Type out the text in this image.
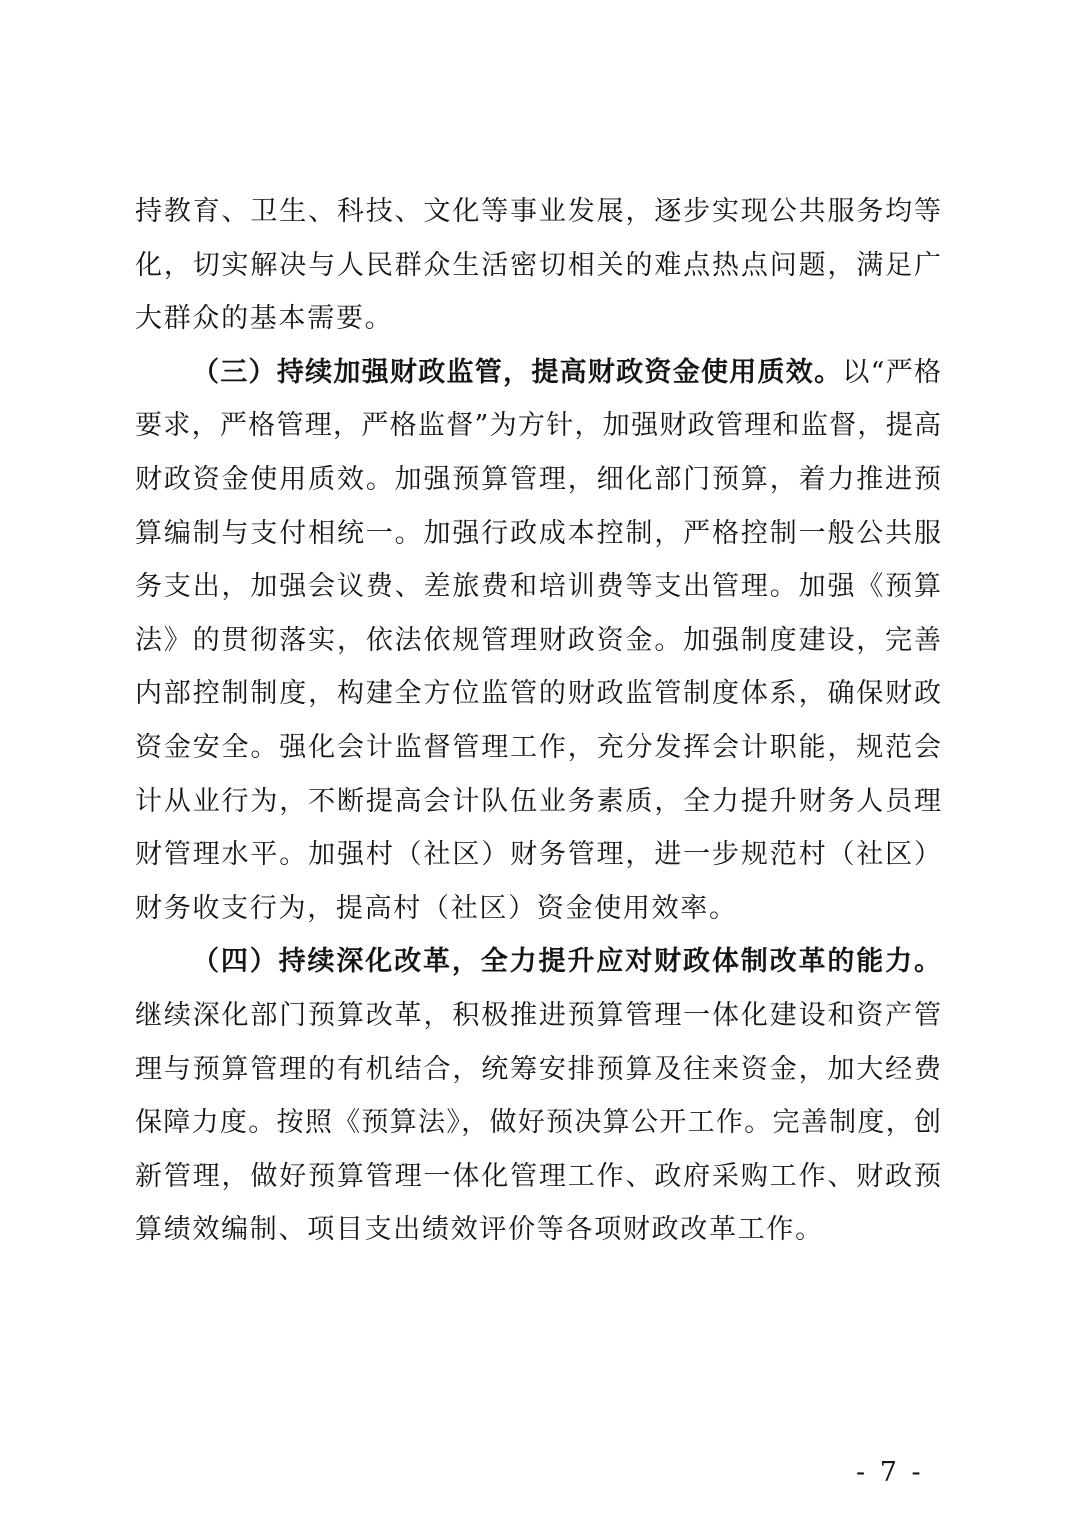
持教育、卫生、科技、文化等事业发展，逐步实现公共服务均等
化，切实解决与人民群众生活密切相关的难点热点问题，满足广
大群众的基本需要。
（三）持续加强财政监管，提高财政资金使用质效。以“严格
要求，严格管理，严格监督”为方针，加强财政管理和监督，提高
财政资金使用质效。加强预算管理，细化部门预算，着力推进预
算编制与支付相统一。加强行政成本控制，严格控制一般公共服
务支出，加强会议费、差旅费和培训费等支出管理。加强《预算
法》的贯彻落实，依法依规管理财政资金。加强制度建设，完善
内部控制制度，构建全方位监管的财政监管制度体系，确保财政
资金安全。强化会计监督管理工作，充分发挥会计职能，规范会
计从业行为，不断提高会计队伍业务素质，全力提升财务人员理
财管理水平。加强村（社区）财务管理，进一步规范村（社区）
财务收支行为，提高村（社区）资金使用效率。
（四）持续深化改革，全力提升应对财政体制改革的能力。
继续深化部门预算改革，积极推进预算管理一体化建设和资产管
理与预算管理的有机结合，统筹安排预算及往来资金，加大经费
保障力度。按照《预算法》，做好预决算公开工作。完善制度，创
新管理，做好预算管理一体化管理工作、政府采购工作、财政预
算绩效编制、项目支出绩效评价等各项财政改革工作。
- 7 -
